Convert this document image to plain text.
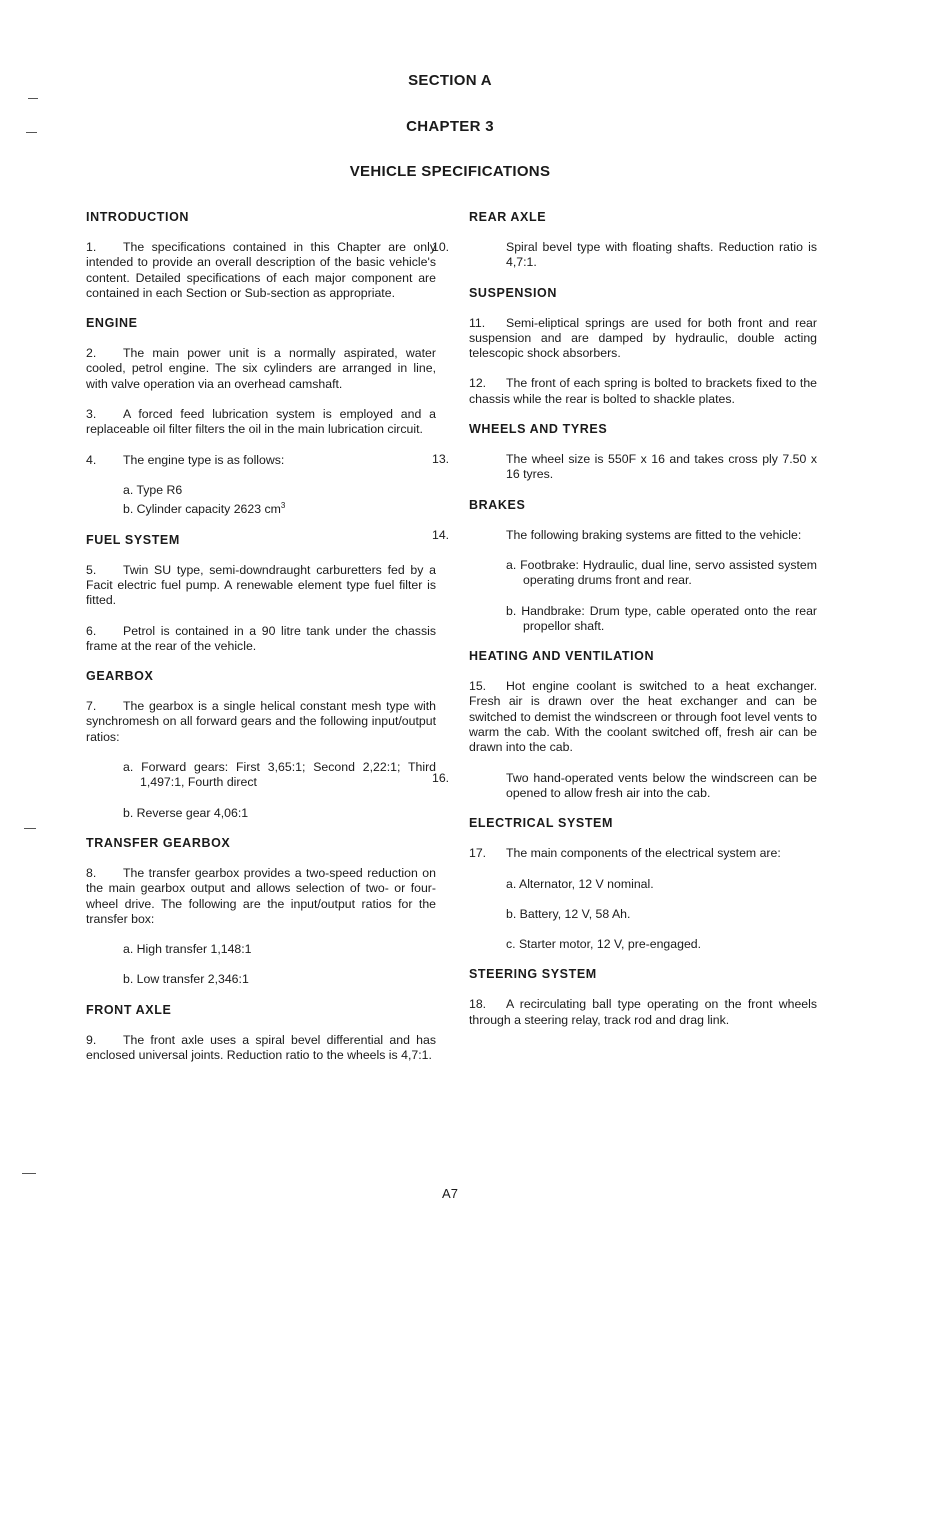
SECTION A
CHAPTER 3
VEHICLE SPECIFICATIONS
INTRODUCTION

1. The specifications contained in this Chapter are only intended to provide an overall description of the basic vehicle's content. Detailed specifications of each major component are contained in each Section or Sub-section as appropriate.

ENGINE

2. The main power unit is a normally aspirated, water cooled, petrol engine. The six cylinders are arranged in line, with valve operation via an overhead camshaft.

3. A forced feed lubrication system is employed and a replaceable oil filter filters the oil in the main lubrication circuit.

4. The engine type is as follows:

a. Type R6

b. Cylinder capacity 2623 $cm^3$

FUEL SYSTEM

5. Twin SU type, semi-downdraught carburetters fed by a Facit electric fuel pump. A renewable element type fuel filter is fitted.

6. Petrol is contained in a 90 litre tank under the chassis frame at the rear of the vehicle.

GEARBOX

7. The gearbox is a single helical constant mesh type with synchromesh on all forward gears and the following input/output ratios:

a. Forward gears: First 3,65:1; Second 2,22:1; Third 1,497:1, Fourth direct

b. Reverse gear 4,06:1

TRANSFER GEARBOX

8. The transfer gearbox provides a two-speed reduction on the main gearbox output and allows selection of two- or four-wheel drive. The following are the input/output ratios for the transfer box:

a. High transfer 1,148:1

b. Low transfer 2,346:1

FRONT AXLE

9. The front axle uses a spiral bevel differential and has enclosed universal joints. Reduction ratio to the wheels is 4,7:1.

REAR AXLE

10.	Spiral bevel type with floating shafts. Reduction ratio is 4,7:1.

SUSPENSION

11. Semi-eliptical springs are used for both front and rear suspension and are damped by hydraulic, double acting telescopic shock absorbers.

12. The front of each spring is bolted to brackets fixed to the chassis while the rear is bolted to shackle plates.

WHEELS AND TYRES

13.	The wheel size is 550F x 16 and takes cross ply 7.50 x 16 tyres.

BRAKES

14.	The following braking systems are fitted to the vehicle:

a. Footbrake: Hydraulic, dual line, servo assisted system operating drums front and rear.

b. Handbrake: Drum type, cable operated onto the rear propellor shaft.

HEATING AND VENTILATION

15. Hot engine coolant is switched to a heat exchanger. Fresh air is drawn over the heat exchanger and can be switched to demist the windscreen or through foot level vents to warm the cab. With the coolant switched off, fresh air can be drawn into the cab.

16.	Two hand-operated vents below the windscreen can be opened to allow fresh air into the cab.

ELECTRICAL SYSTEM

17. The main components of the electrical system are:

a. Alternator, 12 V nominal.

b. Battery, 12 V, 58 Ah.

c. Starter motor, 12 V, pre-engaged.

STEERING SYSTEM

18. A recirculating ball type operating on the front wheels through a steering relay, track rod and drag link.

A7
